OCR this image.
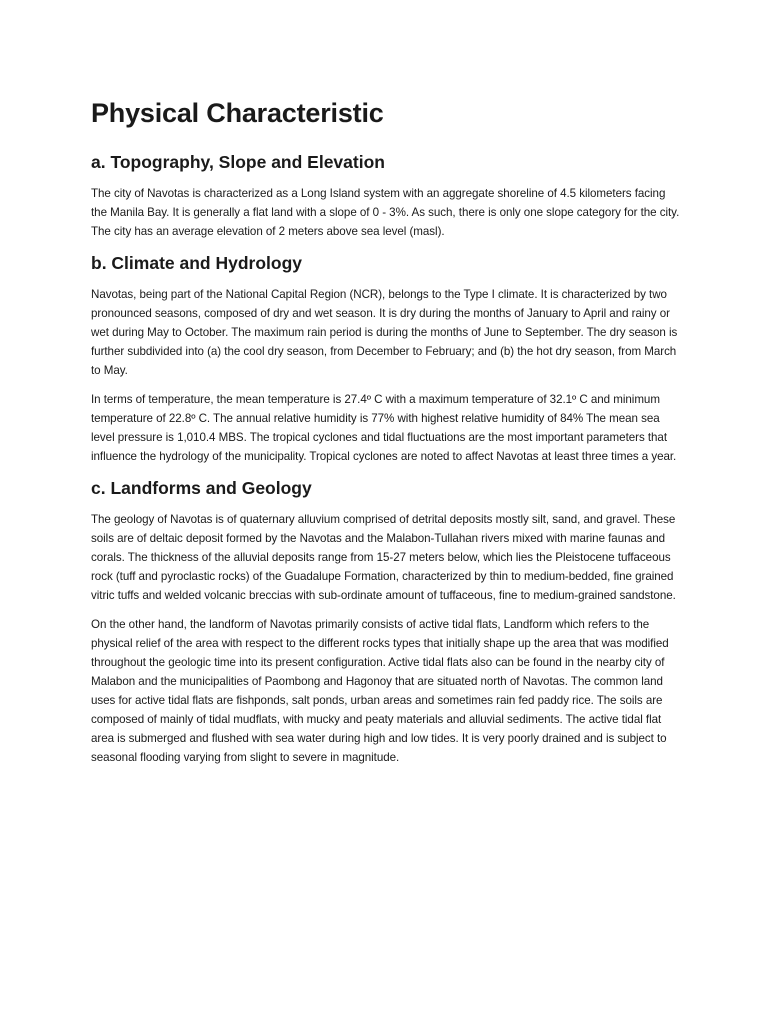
Physical Characteristic
a. Topography, Slope and Elevation

The city of Navotas is characterized as a Long Island system with an aggregate shoreline of 4.5 kilometers facing the Manila Bay. It is generally a flat land with a slope of 0 - 3%. As such, there is only one slope category for the city. The city has an average elevation of 2 meters above sea level (masl).

b. Climate and Hydrology

Navotas, being part of the National Capital Region (NCR), belongs to the Type I climate. It is characterized by two pronounced seasons, composed of dry and wet season. It is dry during the months of January to April and rainy or wet during May to October. The maximum rain period is during the months of June to September. The dry season is further subdivided into (a) the cool dry season, from December to February; and (b) the hot dry season, from March to May.

In terms of temperature, the mean temperature is 27.4º C with a maximum temperature of 32.1º C and minimum temperature of 22.8º C. The annual relative humidity is 77% with highest relative humidity of 84% The mean sea level pressure is 1,010.4 MBS. The tropical cyclones and tidal fluctuations are the most important parameters that influence the hydrology of the municipality. Tropical cyclones are noted to affect Navotas at least three times a year.

c. Landforms and Geology

The geology of Navotas is of quaternary alluvium comprised of detrital deposits mostly silt, sand, and gravel. These soils are of deltaic deposit formed by the Navotas and the Malabon-Tullahan rivers mixed with marine faunas and corals. The thickness of the alluvial deposits range from 15-27 meters below, which lies the Pleistocene tuffaceous rock (tuff and pyroclastic rocks) of the Guadalupe Formation, characterized by thin to medium-bedded, fine grained vitric tuffs and welded volcanic breccias with sub-ordinate amount of tuffaceous, fine to medium-grained sandstone.

On the other hand, the landform of Navotas primarily consists of active tidal flats, Landform which refers to the physical relief of the area with respect to the different rocks types that initially shape up the area that was modified throughout the geologic time into its present configuration. Active tidal flats also can be found in the nearby city of Malabon and the municipalities of Paombong and Hagonoy that are situated north of Navotas. The common land uses for active tidal flats are fishponds, salt ponds, urban areas and sometimes rain fed paddy rice. The soils are composed of mainly of tidal mudflats, with mucky and peaty materials and alluvial sediments. The active tidal flat area is submerged and flushed with sea water during high and low tides. It is very poorly drained and is subject to seasonal flooding varying from slight to severe in magnitude.
